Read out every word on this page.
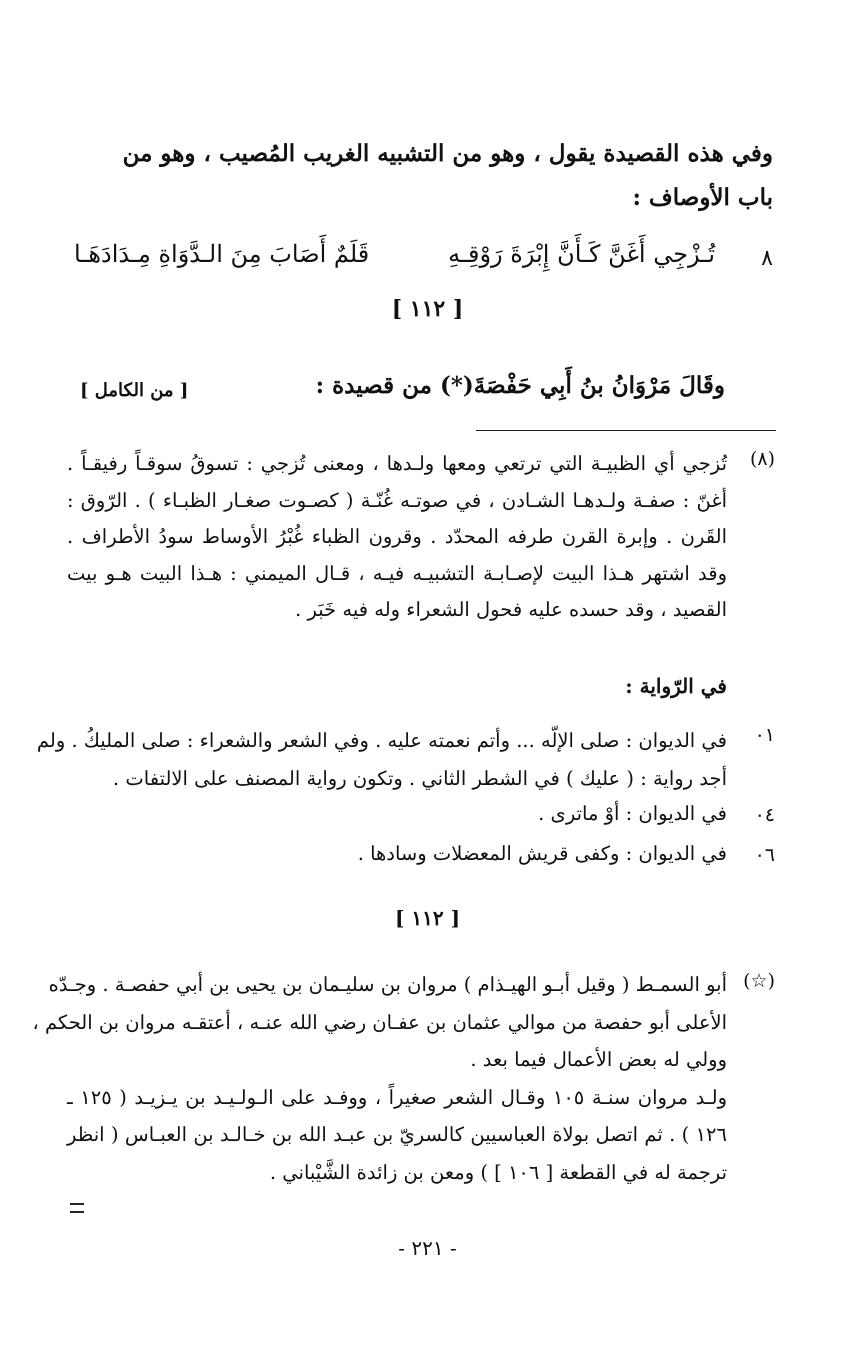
وفي هذه القصيدة يقول ، وهو من التشبيه الغريب المُصيب ، وهو من
باب الأوصاف :
٨
تُـزْجِي أَغَنَّ كَـأَنَّ إِبْرَةَ رَوْقِـهِ
قَلَمٌ أَصَابَ مِنَ الـدَّوَاةِ مِـدَادَهَـا
[ ١١٢ ]
وقَالَ مَرْوَانُ بنُ أَبِي حَفْصَةَ(*) من قصيدة :
[ من الكامل ]
(٨)
تُزجي أي الظبيـة التي ترتعي ومعها ولـدها ، ومعنى تُزجي : تسوقُ سوقـاً رفيقـاً .
أغنّ : صفـة ولـدهـا الشـادن ، في صوتـه غُنّـة ( كصـوت صغـار الظبـاء ) . الرّوق :
القَرن . وإبرة القرن طرفه المحدّد . وقرون الظباء غُبْرُ الأوساط سودُ الأطراف .
وقد اشتهر هـذا البيت لإصـابـة التشبيـه فيـه ، قـال الميمني : هـذا البيت هـو بيت
القصيد ، وقد حسده عليه فحول الشعراء وله فيه خَبَر .
في الرّواية :
٠١
في الديوان : صلى الإلّه ... وأتم نعمته عليه . وفي الشعر والشعراء : صلى المليكُ . ولم
أجد رواية : ( عليك ) في الشطر الثاني . وتكون رواية المصنف على الالتفات .
٠٤
في الديوان : أوْ ماترى .
٠٦
في الديوان : وكفى قريش المعضلات وسادها .
[ ١١٢ ]
(☆)
أبو السمـط ( وقيل أبـو الهيـذام ) مروان بن سليـمان بن يحيى بن أبي حفصـة . وجـدّه
الأعلى أبو حفصة من موالي عثمان بن عفـان رضي الله عنـه ، أعتقـه مروان بن الحكم ،
وولي له بعض الأعمال فيما بعد .
ولـد مروان سنـة ١٠٥ وقـال الشعر صغيراً ، ووفـد على الـولـيـد بن يـزيـد ( ١٢٥ ـ
١٢٦ ) . ثم اتصل بولاة العباسيين كالسريّ بن عبـد الله بن خـالـد بن العبـاس ( انظر
ترجمة له في القطعة [ ١٠٦ ] ) ومعن بن زائدة الشَّيْباني .
- ٢٢١ -
